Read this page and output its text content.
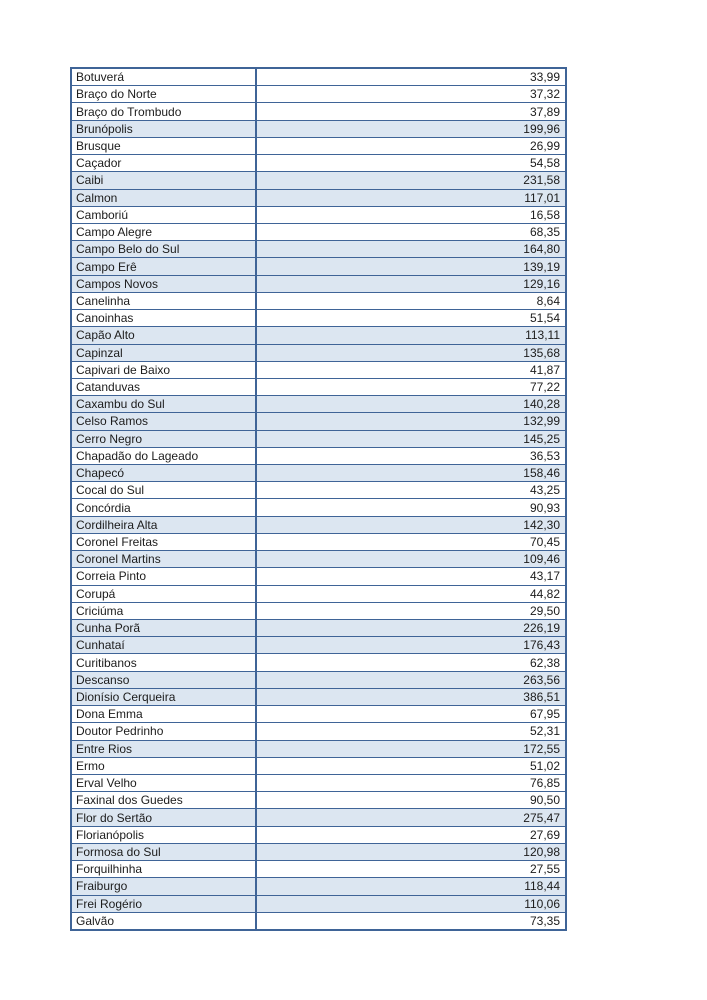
Botuverá	33,99
Braço do Norte	37,32
Braço do Trombudo	37,89
Brunópolis	199,96
Brusque	26,99
Caçador	54,58
Caibi	231,58
Calmon	117,01
Camboriú	16,58
Campo Alegre	68,35
Campo Belo do Sul	164,80
Campo Erê	139,19
Campos Novos	129,16
Canelinha	8,64
Canoinhas	51,54
Capão Alto	113,11
Capinzal	135,68
Capivari de Baixo	41,87
Catanduvas	77,22
Caxambu do Sul	140,28
Celso Ramos	132,99
Cerro Negro	145,25
Chapadão do Lageado	36,53
Chapecó	158,46
Cocal do Sul	43,25
Concórdia	90,93
Cordilheira Alta	142,30
Coronel Freitas	70,45
Coronel Martins	109,46
Correia Pinto	43,17
Corupá	44,82
Criciúma	29,50
Cunha Porã	226,19
Cunhataí	176,43
Curitibanos	62,38
Descanso	263,56
Dionísio Cerqueira	386,51
Dona Emma	67,95
Doutor Pedrinho	52,31
Entre Rios	172,55
Ermo	51,02
Erval Velho	76,85
Faxinal dos Guedes	90,50
Flor do Sertão	275,47
Florianópolis	27,69
Formosa do Sul	120,98
Forquilhinha	27,55
Fraiburgo	118,44
Frei Rogério	110,06
Galvão	73,35
